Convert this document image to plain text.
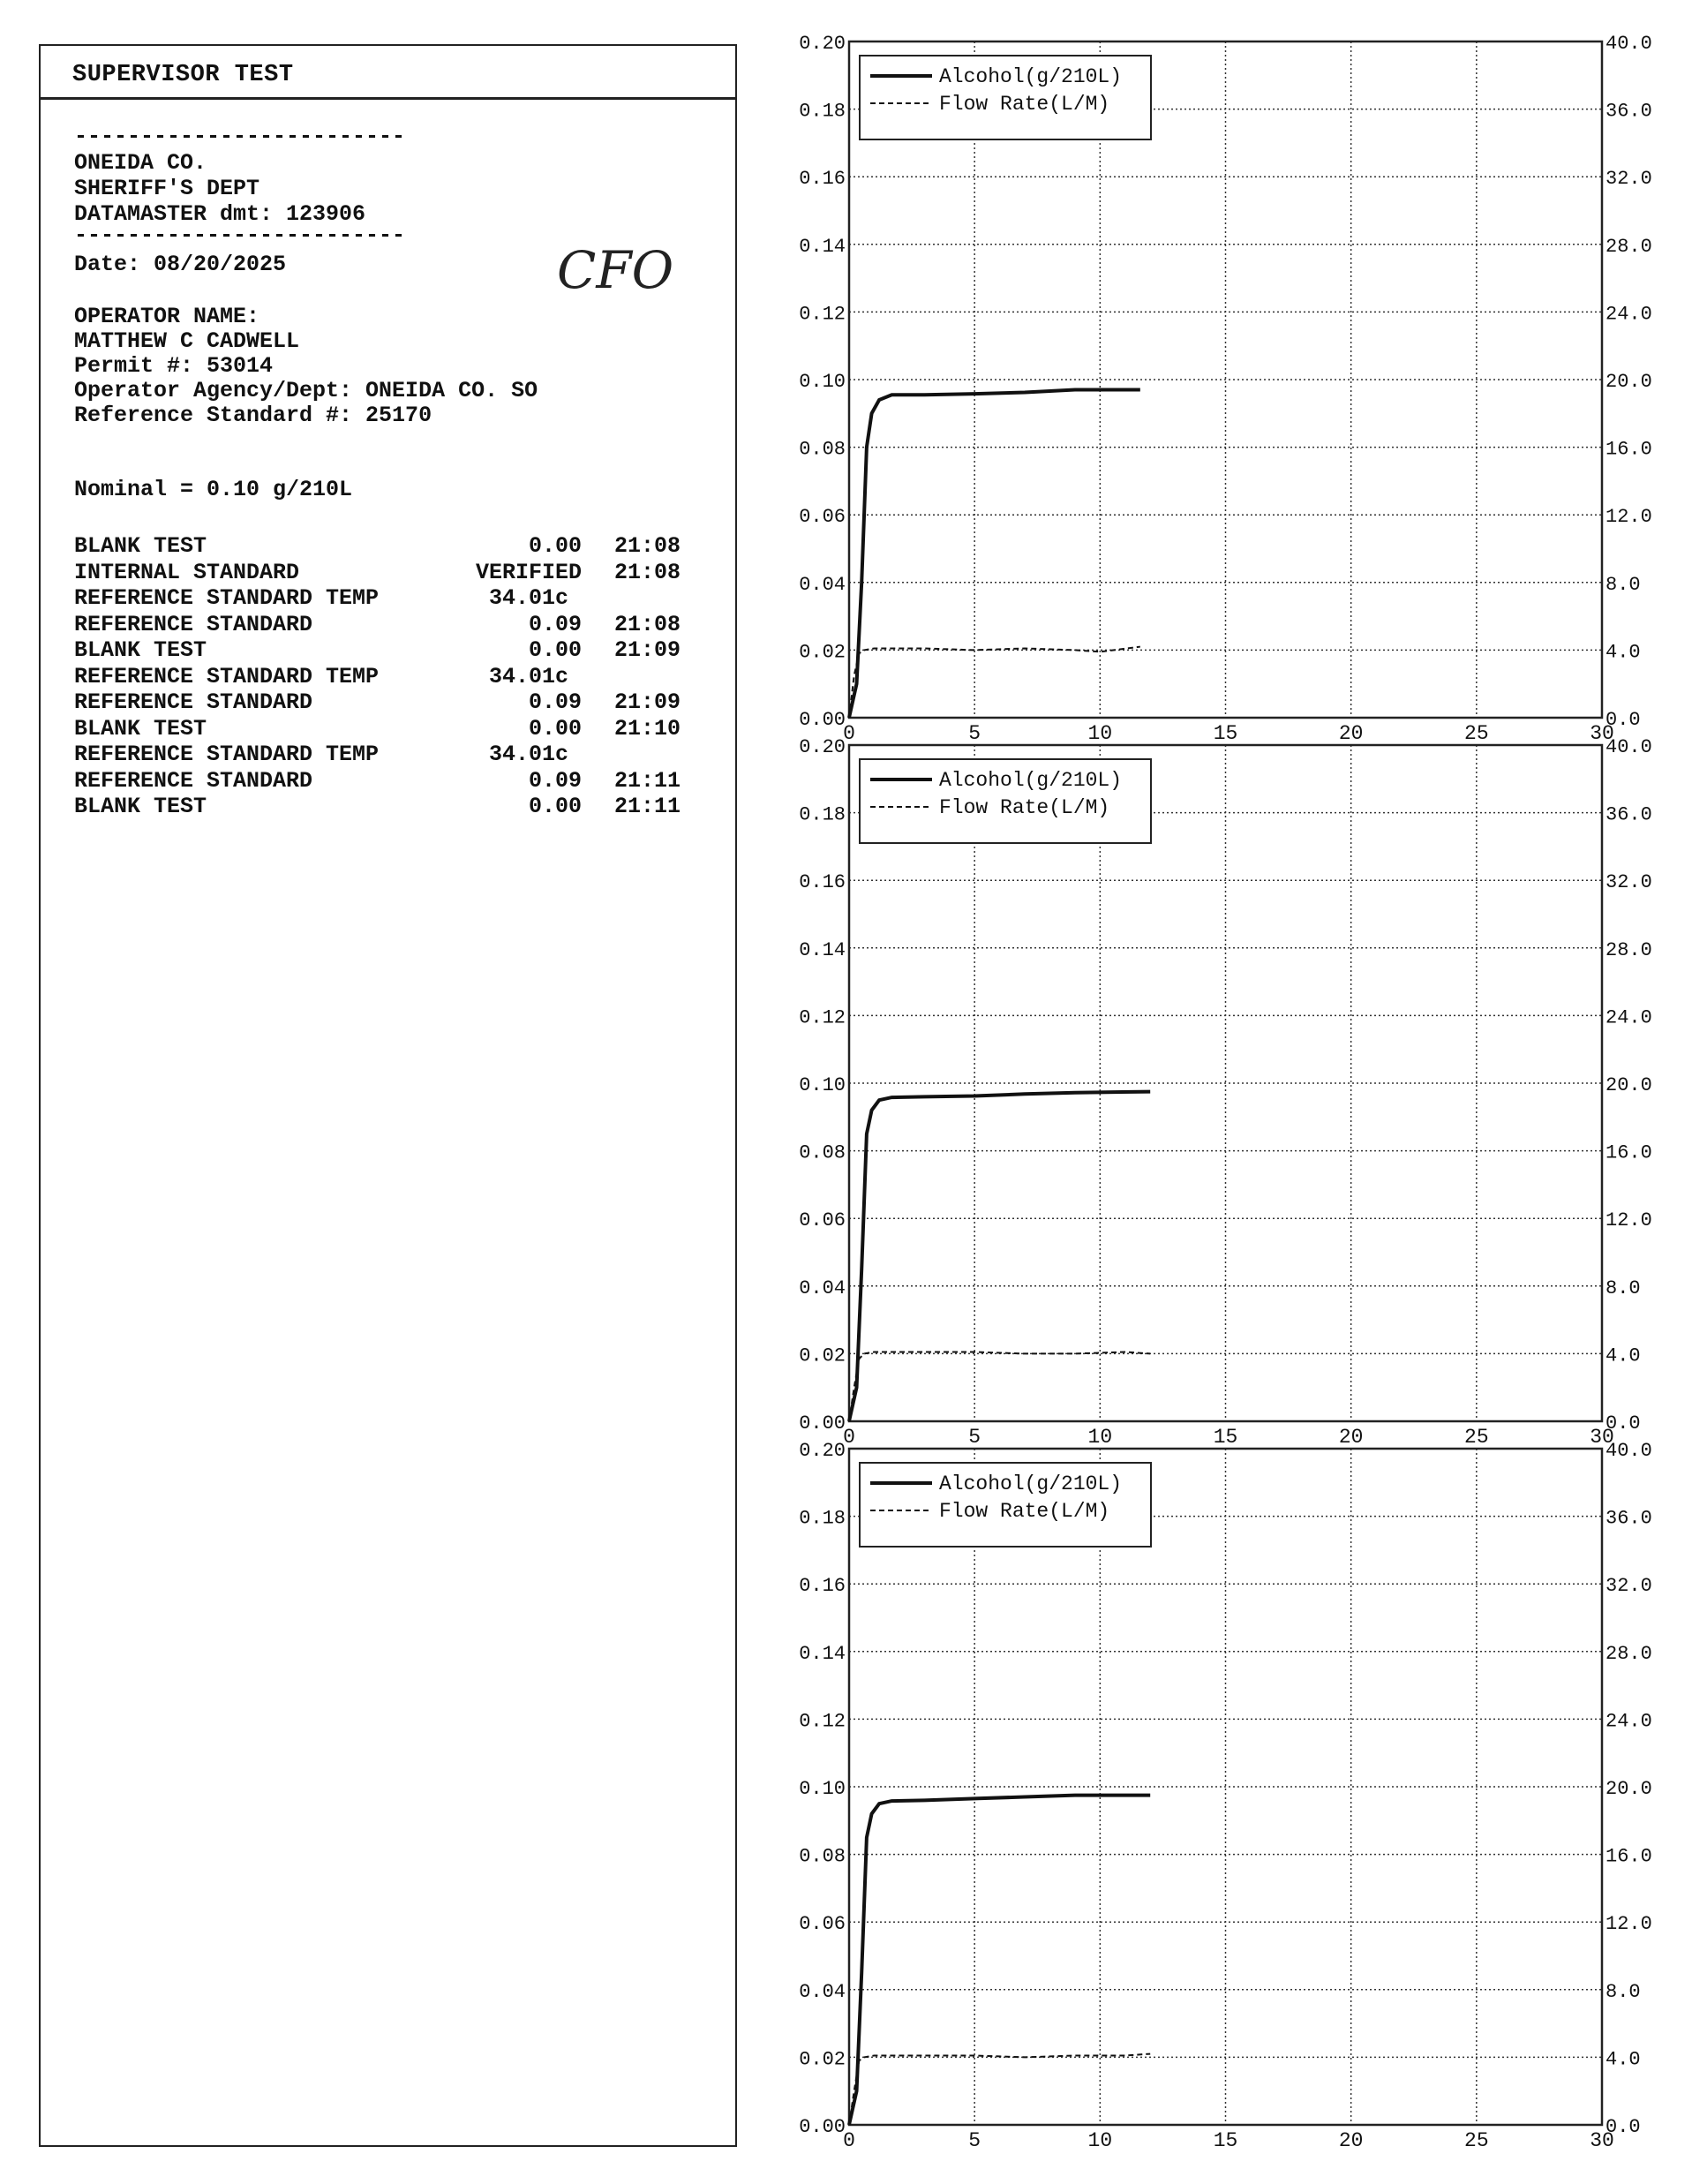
SUPERVISOR TEST
-------------------------
ONEIDA CO.
SHERIFF'S DEPT
DATAMASTER dmt: 123906
-------------------------
Date: 08/20/2025	CFO
OPERATOR NAME:
MATTHEW C CADWELL
Permit #: 53014
Operator Agency/Dept: ONEIDA CO. SO
Reference Standard #: 25170
Nominal = 0.10 g/210L
BLANK TEST	0.00 21:08
INTERNAL STANDARD	VERIFIED 21:08
REFERENCE STANDARD TEMP	34.01c
REFERENCE STANDARD	0.09 21:08
BLANK TEST	0.00 21:09
REFERENCE STANDARD TEMP	34.01c
REFERENCE STANDARD	0.09 21:09
BLANK TEST	0.00 21:10
REFERENCE STANDARD TEMP	34.01c
REFERENCE STANDARD	0.09 21:11
BLANK TEST	0.00 21:11
0	5	10	15	20	25	30
0.00	0.0
0.02	4.0
0.04	8.0
0.06	12.0
0.08	16.0
0.10	20.0
0.12	24.0
0.14	28.0
0.16	32.0
0.18	36.0
0.20	40.0
Alcohol(g/210L)
Flow Rate(L/M)
0	5	10	15	20	25	30
0.00	0.0
0.02	4.0
0.04	8.0
0.06	12.0
0.08	16.0
0.10	20.0
0.12	24.0
0.14	28.0
0.16	32.0
0.18	36.0
0.20	40.0
Alcohol(g/210L)
Flow Rate(L/M)
0	5	10	15	20	25	30
0.00	0.0
0.02	4.0
0.04	8.0
0.06	12.0
0.08	16.0
0.10	20.0
0.12	24.0
0.14	28.0
0.16	32.0
0.18	36.0
0.20	40.0
Alcohol(g/210L)
Flow Rate(L/M)
